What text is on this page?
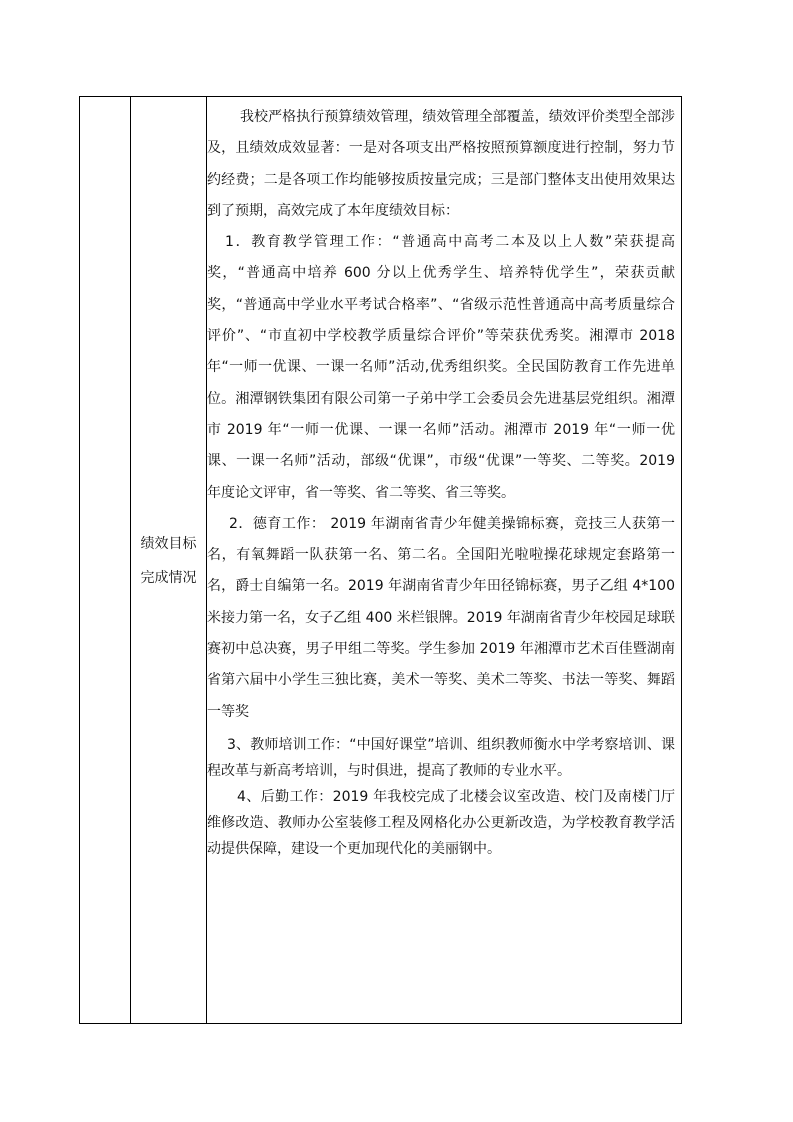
绩效目标
完成情况

我校严格执行预算绩效管理，绩效管理全部覆盖，绩效评价类型全部涉及，且绩效成效显著：一是对各项支出严格按照预算额度进行控制，努力节约经费；二是各项工作均能够按质按量完成；三是部门整体支出使用效果达到了预期，高效完成了本年度绩效目标：

1．教育教学管理工作：“普通高中高考二本及以上人数”荣获提高奖，“普通高中培养 600 分以上优秀学生、培养特优学生”，荣获贡献奖，“普通高中学业水平考试合格率”、“省级示范性普通高中高考质量综合评价”、“市直初中学校教学质量综合评价”等荣获优秀奖。湘潭市 2018 年“一师一优课、一课一名师”活动,优秀组织奖。全民国防教育工作先进单位。湘潭钢铁集团有限公司第一子弟中学工会委员会先进基层党组织。湘潭市 2019 年“一师一优课、一课一名师”活动。湘潭市 2019 年“一师一优课、一课一名师”活动，部级“优课”，市级“优课”一等奖、二等奖。2019 年度论文评审，省一等奖、省二等奖、省三等奖。

2．德育工作： 2019 年湖南省青少年健美操锦标赛，竞技三人获第一名，有氧舞蹈一队获第一名、第二名。全国阳光啦啦操花球规定套路第一名，爵士自编第一名。2019 年湖南省青少年田径锦标赛，男子乙组 4*100 米接力第一名，女子乙组 400 米栏银牌。2019 年湖南省青少年校园足球联赛初中总决赛，男子甲组二等奖。学生参加 2019 年湘潭市艺术百佳暨湖南省第六届中小学生三独比赛，美术一等奖、美术二等奖、书法一等奖、舞蹈一等奖

3、教师培训工作：“中国好课堂”培训、组织教师衡水中学考察培训、课程改革与新高考培训，与时俱进，提高了教师的专业水平。

4、后勤工作：2019 年我校完成了北楼会议室改造、校门及南楼门厅维修改造、教师办公室装修工程及网格化办公更新改造，为学校教育教学活动提供保障，建设一个更加现代化的美丽钢中。
